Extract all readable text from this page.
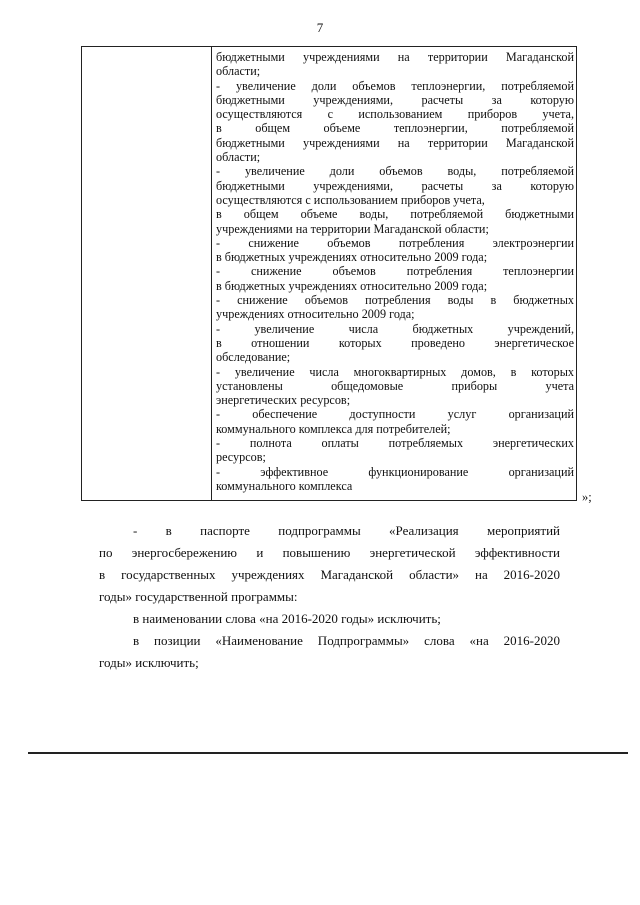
7
бюджетными учреждениями на территории Магаданской
области;
- увеличение доли объемов теплоэнергии, потребляемой
бюджетными учреждениями, расчеты за которую
осуществляются с использованием приборов учета,
в общем объеме теплоэнергии, потребляемой
бюджетными учреждениями на территории Магаданской
области;
- увеличение доли объемов воды, потребляемой
бюджетными учреждениями, расчеты за которую
осуществляются с использованием приборов учета,
в общем объеме воды, потребляемой бюджетными
учреждениями на территории Магаданской области;
- снижение объемов потребления электроэнергии
в бюджетных учреждениях относительно 2009 года;
- снижение объемов потребления теплоэнергии
в бюджетных учреждениях относительно 2009 года;
- снижение объемов потребления воды в бюджетных
учреждениях относительно 2009 года;
- увеличение числа бюджетных учреждений,
в отношении которых проведено энергетическое
обследование;
- увеличение числа многоквартирных домов, в которых
установлены общедомовые приборы учета
энергетических ресурсов;
- обеспечение доступности услуг организаций
коммунального комплекса для потребителей;
- полнота оплаты потребляемых энергетических
ресурсов;
- эффективное функционирование организаций
коммунального комплекса
»;
- в паспорте подпрограммы «Реализация мероприятий
по энергосбережению и повышению энергетической эффективности
в государственных учреждениях Магаданской области» на 2016-2020
годы» государственной программы:
в наименовании слова «на 2016-2020 годы» исключить;
в позиции «Наименование Подпрограммы» слова «на 2016-2020
годы» исключить;
